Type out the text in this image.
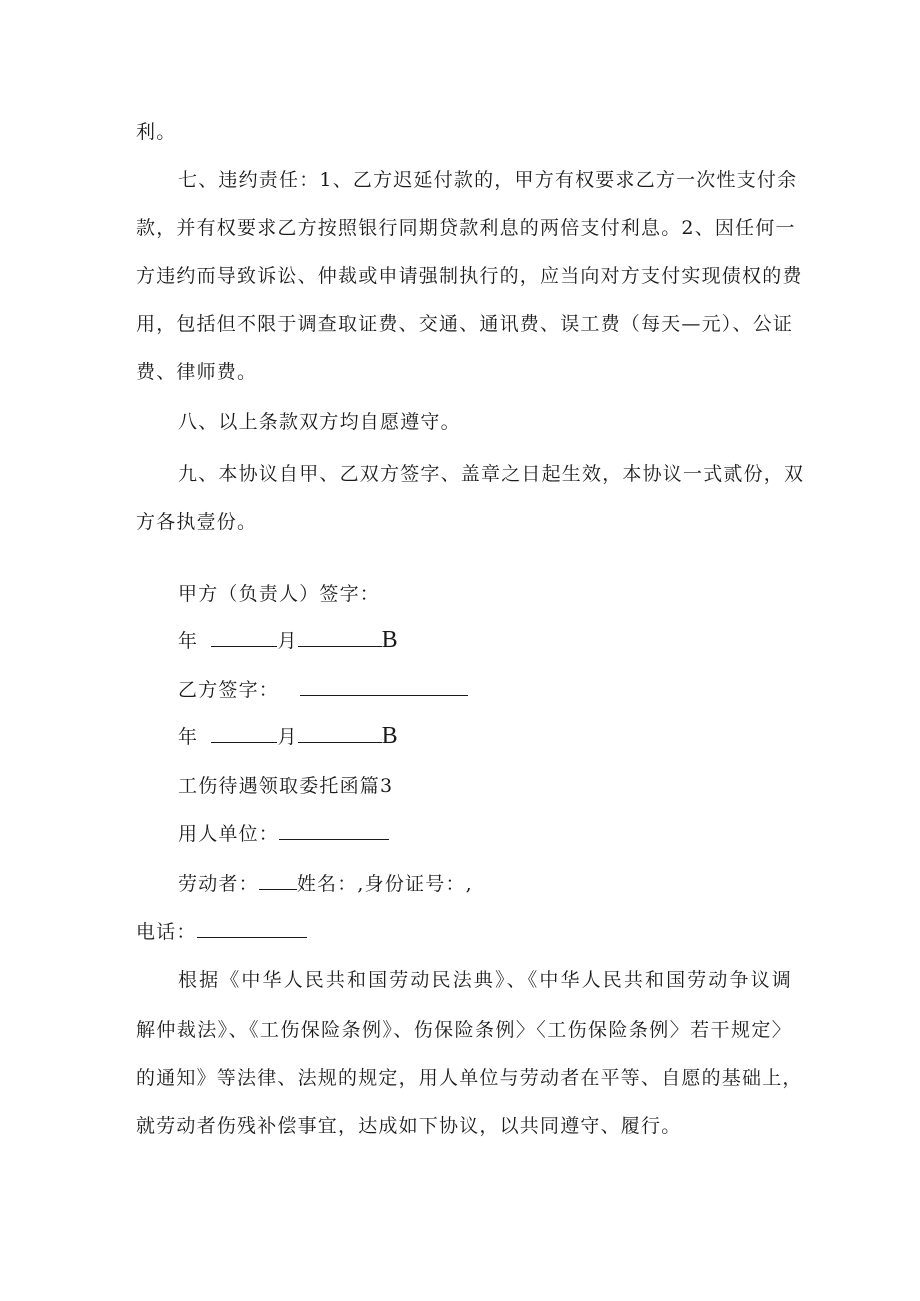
利。
七、违约责任：1、乙方迟延付款的，甲方有权要求乙方一次性支付余
款，并有权要求乙方按照银行同期贷款利息的两倍支付利息。2、因任何一
方违约而导致诉讼、仲裁或申请强制执行的，应当向对方支付实现债权的费
用，包括但不限于调查取证费、交通、通讯费、误工费（每天—元）、公证
费、律师费。
八、以上条款双方均自愿遵守。
九、本协议自甲、乙双方签字、盖章之日起生效，本协议一式贰份，双
方各执壹份。
甲方（负责人）签字：
年	月	B
乙方签字：
年	月	B
工伤待遇领取委托函篇3
用人单位：
劳动者： 姓名：,身份证号：,
电话：
根据《中华人民共和国劳动民法典》、《中华人民共和国劳动争议调
解仲裁法》、《工伤保险条例》、伤保险条例〉〈工伤保险条例〉若干规定〉
的通知》等法律、法规的规定，用人单位与劳动者在平等、自愿的基础上，
就劳动者伤残补偿事宜，达成如下协议，以共同遵守、履行。
